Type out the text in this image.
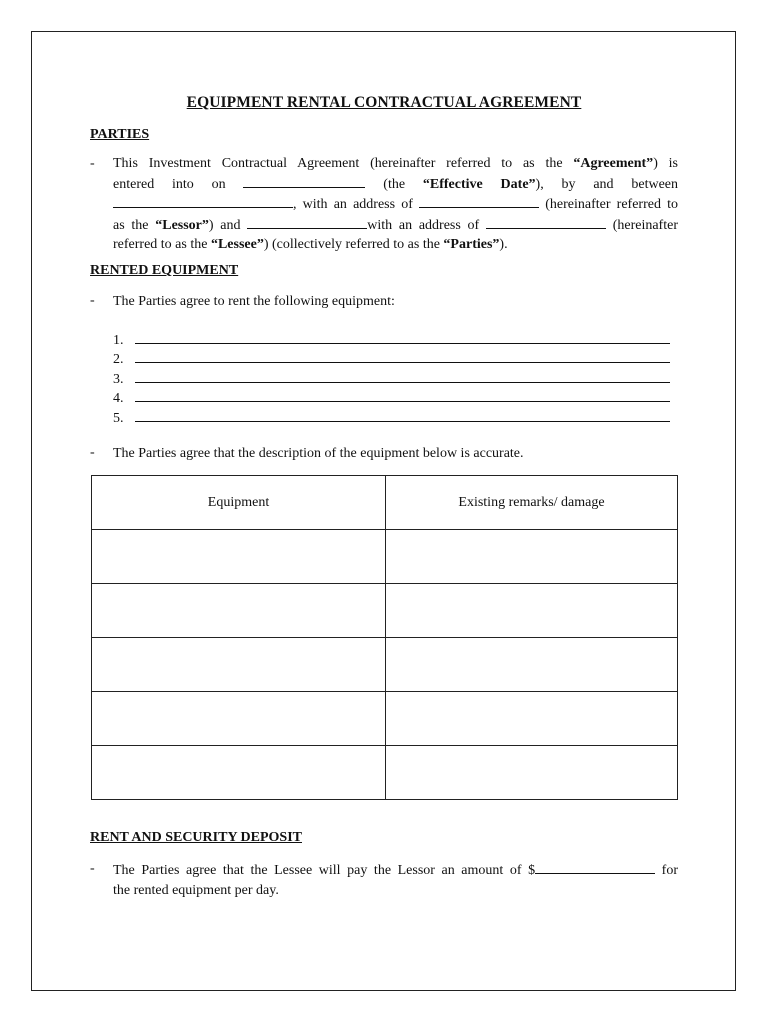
EQUIPMENT RENTAL CONTRACTUAL AGREEMENT
PARTIES
- This Investment Contractual Agreement (hereinafter referred to as the “Agreement”) is
entered into on	(the “Effective Date”), by and between
, with an address of	(hereinafter referred to
as the “Lessor”) and	with an address of	(hereinafter
referred to as the “Lessee”) (collectively referred to as the “Parties”).
RENTED EQUIPMENT
- The Parties agree to rent the following equipment:
1.
2.
3.
4.
5.
- The Parties agree that the description of the equipment below is accurate.
Equipment	Existing remarks/ damage

RENT AND SECURITY DEPOSIT
- The Parties agree that the Lessee will pay the Lessor an amount of $	for
the rented equipment per day.
